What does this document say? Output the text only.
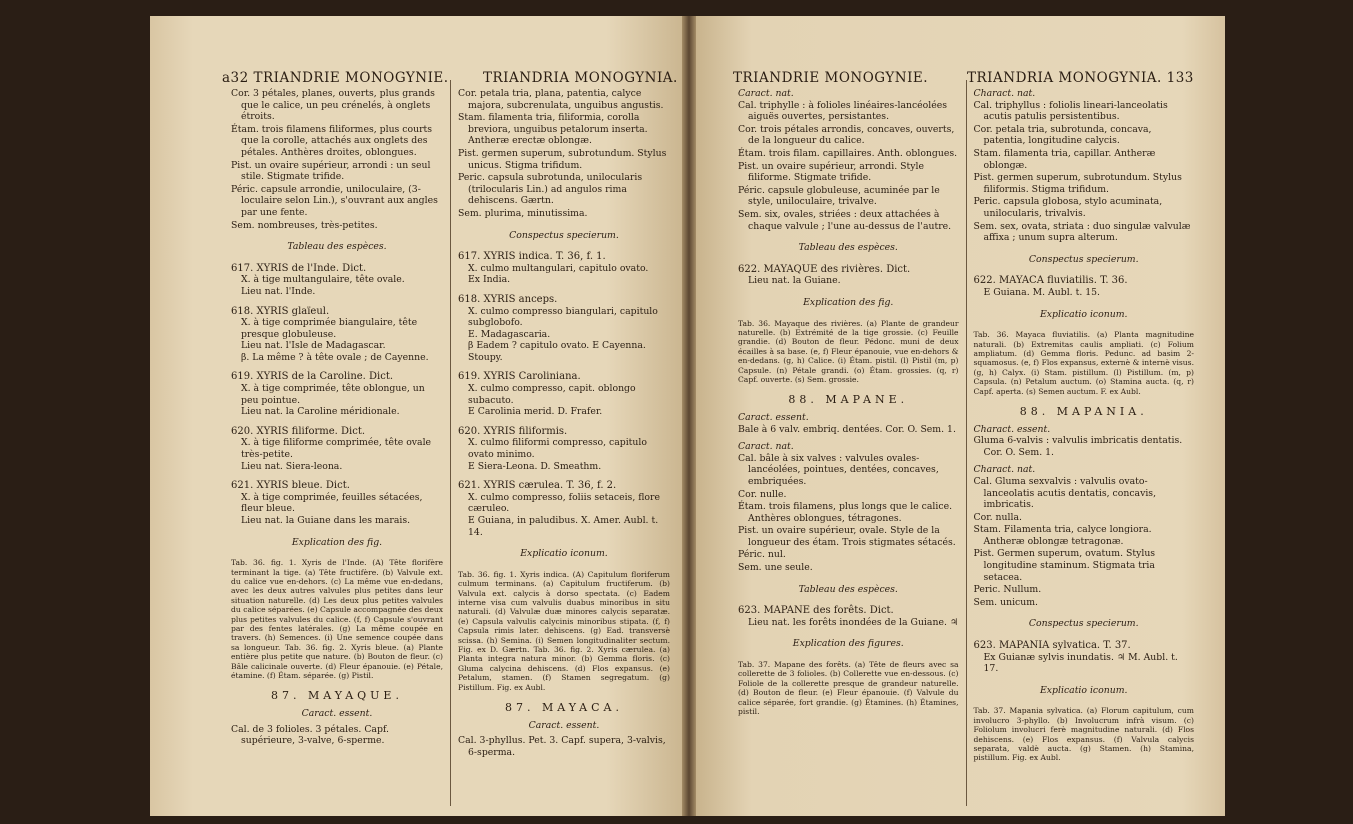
a32 TRIANDRIE MONOGYNIE.	TRIANDRIA MONOGYNIA.
Cor. 3 pétales, planes, ouverts, plus grands que le calice, un peu crénelés, à onglets étroits.
Étam. trois filamens filiformes, plus courts que la corolle, attachés aux onglets des pétales. Anthères droites, oblongues.
Pist. un ovaire supérieur, arrondi : un seul stile. Stigmate trifide.
Péric. capsule arrondie, uniloculaire, (3-loculaire selon Lin.), s'ouvrant aux angles par une fente.
Sem. nombreuses, très-petites.
Tableau des espèces.
617. XYRIS de l'Inde. Dict.
X. à tige multangulaire, tête ovale.
Lieu nat. l'Inde.
618. XYRIS glaïeul.
X. à tige comprimée biangulaire, tête presque globuleuse.
Lieu nat. l'Isle de Madagascar.
β. La même ? à tête ovale ; de Cayenne.
619. XYRIS de la Caroline. Dict.
X. à tige comprimée, tête oblongue, un peu pointue.
Lieu nat. la Caroline méridionale.
620. XYRIS filiforme. Dict.
X. à tige filiforme comprimée, tête ovale très-petite.
Lieu nat. Siera-leona.
621. XYRIS bleue. Dict.
X. à tige comprimée, feuilles sétacées, fleur bleue.
Lieu nat. la Guiane dans les marais.
Explication des fig.
Tab. 36. fig. 1. Xyris de l'Inde. (A) Tête florifère terminant la tige. (a) Tête fructifère. (b) Valvule ext. du calice vue en-dehors. (c) La même vue en-dedans, avec les deux autres valvules plus petites dans leur situation naturelle. (d) Les deux plus petites valvules du calice séparées. (e) Capsule accompagnée des deux plus petites valvules du calice. (f, f) Capsule s'ouvrant par des fentes latérales. (g) La même coupée en travers. (h) Semences. (i) Une semence coupée dans sa longueur. Tab. 36. fig. 2. Xyris bleue. (a) Plante entière plus petite que nature. (b) Bouton de fleur. (c) Bâle calicinale ouverte. (d) Fleur épanouie. (e) Pétale, étamine. (f) Étam. séparée. (g) Pistil.
87. MAYAQUE.
Caract. essent.
Cal. de 3 folioles. 3 pétales. Capf. supérieure, 3-valve, 6-sperme.
Cor. petala tria, plana, patentia, calyce majora, subcrenulata, unguibus angustis.
Stam. filamenta tria, filiformia, corolla breviora, unguibus petalorum inserta. Antheræ erectæ oblongæ.
Pist. germen superum, subrotundum. Stylus unicus. Stigma trifidum.
Peric. capsula subrotunda, unilocularis (trilocularis Lin.) ad angulos rima dehiscens. Gærtn.
Sem. plurima, minutissima.
Conspectus specierum.
617. XYRIS indica. T. 36, f. 1.
X. culmo multangulari, capitulo ovato.
Ex India.
618. XYRIS anceps.
X. culmo compresso biangulari, capitulo subglobofo.
E. Madagascaria.
β Eadem ? capitulo ovato. E Cayenna. Stoupy.
619. XYRIS Caroliniana.
X. culmo compresso, capit. oblongo subacuto.
E Carolinia merid. D. Frafer.
620. XYRIS filiformis.
X. culmo filiformi compresso, capitulo ovato minimo.
E Siera-Leona. D. Smeathm.
621. XYRIS cærulea. T. 36, f. 2.
X. culmo compresso, foliis setaceis, flore cæruleo.
E Guiana, in paludibus. X. Amer. Aubl. t. 14.
Explicatio iconum.
Tab. 36. fig. 1. Xyris indica. (A) Capitulum floriferum culmum terminans. (a) Capitulum fructiferum. (b) Valvula ext. calycis à dorso spectata. (c) Eadem interne visa cum valvulis duabus minoribus in situ naturali. (d) Valvulæ duæ minores calycis separatæ. (e) Capsula valvulis calycinis minoribus stipata. (f, f) Capsula rimis later. dehiscens. (g) Ead. transversè scissa. (h) Semina. (i) Semen longitudinaliter sectum. Fig. ex D. Gærtn. Tab. 36. fig. 2. Xyris cærulea. (a) Planta integra natura minor. (b) Gemma floris. (c) Gluma calycina dehiscens. (d) Flos expansus. (e) Petalum, stamen. (f) Stamen segregatum. (g) Pistillum. Fig. ex Aubl.
87. MAYACA.
Caract. essent.
Cal. 3-phyllus. Pet. 3. Capf. supera, 3-valvis, 6-sperma.
TRIANDRIE MONOGYNIE.	TRIANDRIA MONOGYNIA. 133
Caract. nat.
Cal. triphylle : à folioles linéaires-lancéolées aiguës ouvertes, persistantes.
Cor. trois pétales arrondis, concaves, ouverts, de la longueur du calice.
Étam. trois filam. capillaires. Anth. oblongues.
Pist. un ovaire supérieur, arrondi. Style filiforme. Stigmate trifide.
Péric. capsule globuleuse, acuminée par le style, uniloculaire, trivalve.
Sem. six, ovales, striées : deux attachées à chaque valvule ; l'une au-dessus de l'autre.
Tableau des espèces.
622. MAYAQUE des rivières. Dict.
Lieu nat. la Guiane.
Explication des fig.
Tab. 36. Mayaque des rivières. (a) Plante de grandeur naturelle. (b) Extrémité de la tige grossie. (c) Feuille grandie. (d) Bouton de fleur. Pédonc. muni de deux écailles à sa base. (e, f) Fleur épanouie, vue en-dehors & en-dedans. (g, h) Calice. (i) Étam. pistil. (l) Pistil (m, p) Capsule. (n) Pétale grandi. (o) Étam. grossies. (q, r) Capf. ouverte. (s) Sem. grossie.
88. MAPANE.
Caract. essent.
Bale à 6 valv. embriq. dentées. Cor. O. Sem. 1.
Caract. nat.
Cal. bâle à six valves : valvules ovales-lancéolées, pointues, dentées, concaves, embriquées.
Cor. nulle.
Étam. trois filamens, plus longs que le calice. Anthères oblongues, tétragones.
Pist. un ovaire supérieur, ovale. Style de la longueur des étam. Trois stigmates sétacés.
Péric. nul.
Sem. une seule.
Tableau des espèces.
623. MAPANE des forêts. Dict.
Lieu nat. les forêts inondées de la Guiane. ♃
Explication des figures.
Tab. 37. Mapane des forêts. (a) Tête de fleurs avec sa collerette de 3 folioles. (b) Collerette vue en-dessous. (c) Foliole de la collerette presque de grandeur naturelle. (d) Bouton de fleur. (e) Fleur épanouie. (f) Valvule du calice séparée, fort grandie. (g) Étamines. (h) Étamines, pistil.
Charact. nat.
Cal. triphyllus : foliolis lineari-lanceolatis acutis patulis persistentibus.
Cor. petala tria, subrotunda, concava, patentia, longitudine calycis.
Stam. filamenta tria, capillar. Antheræ oblongæ.
Pist. germen superum, subrotundum. Stylus filiformis. Stigma trifidum.
Peric. capsula globosa, stylo acuminata, unilocularis, trivalvis.
Sem. sex, ovata, striata : duo singulæ valvulæ affixa ; unum supra alterum.
Conspectus specierum.
622. MAYACA fluviatilis. T. 36.
E Guiana. M. Aubl. t. 15.
Explicatio iconum.
Tab. 36. Mayaca fluviatilis. (a) Planta magnitudine naturali. (b) Extremitas caulis ampliati. (c) Folium ampliatum. (d) Gemma floris. Pedunc. ad basim 2-squamosus. (e, f) Flos expansus, externè & internè visus. (g, h) Calyx. (i) Stam. pistillum. (l) Pistillum. (m, p) Capsula. (n) Petalum auctum. (o) Stamina aucta. (q, r) Capf. aperta. (s) Semen auctum. F. ex Aubl.
88. MAPANIA.
Charact. essent.
Gluma 6-valvis : valvulis imbricatis dentatis. Cor. O. Sem. 1.
Charact. nat.
Cal. Gluma sexvalvis : valvulis ovato-lanceolatis acutis dentatis, concavis, imbricatis.
Cor. nulla.
Stam. Filamenta tria, calyce longiora. Antheræ oblongæ tetragonæ.
Pist. Germen superum, ovatum. Stylus longitudine staminum. Stigmata tria setacea.
Peric. Nullum.
Sem. unicum.
Conspectus specierum.
623. MAPANIA sylvatica. T. 37.
Ex Guianæ sylvis inundatis. ♃ M. Aubl. t. 17.
Explicatio iconum.
Tab. 37. Mapania sylvatica. (a) Florum capitulum, cum involucro 3-phyllo. (b) Involucrum infrà visum. (c) Foliolum involucri ferè magnitudine naturali. (d) Flos dehiscens. (e) Flos expansus. (f) Valvula calycis separata, valdè aucta. (g) Stamen. (h) Stamina, pistillum. Fig. ex Aubl.
